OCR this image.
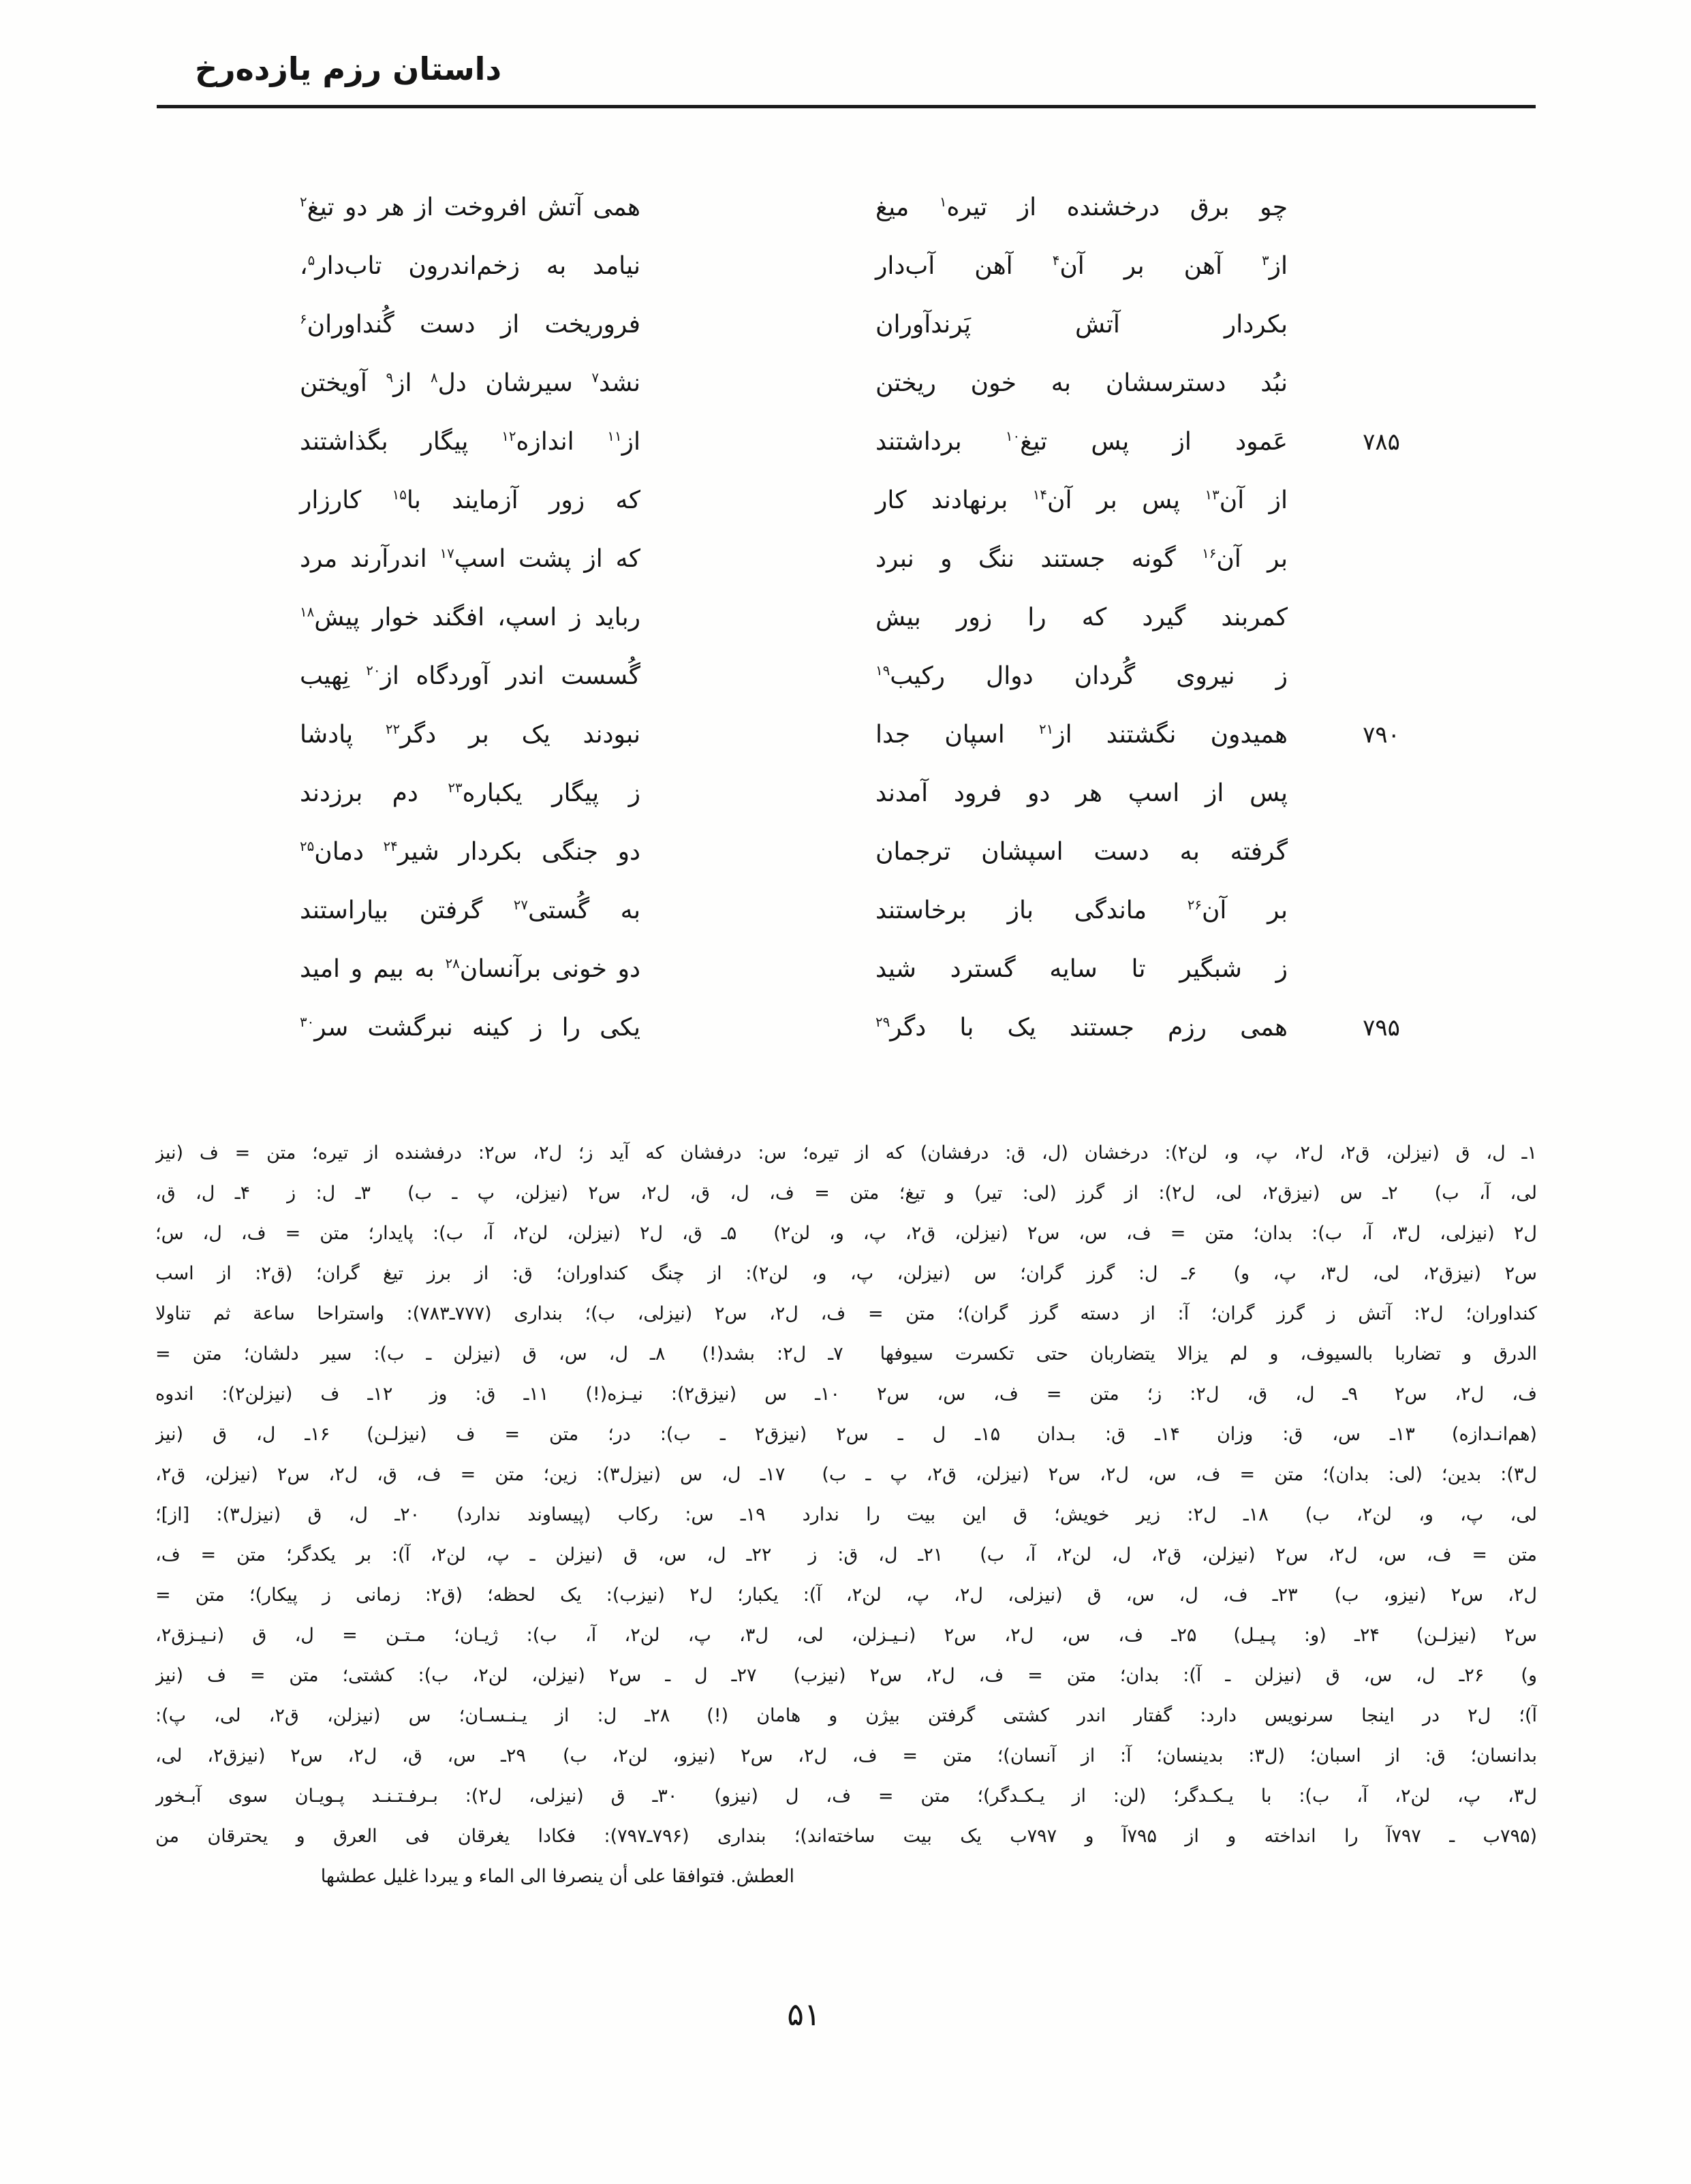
داستان رزم یازده‌رخ
چو برق درخشنده از تیره$^۱$ میغ
از$^۳$ آهن بر آن$^۴$ آهن آب‌دار
بکردار آتش پَرندآوران
نبُد دسترسشان به خون ریختن
عَمود از پس تیغ$^{۱۰}$ برداشتند
از آن$^{۱۳}$ پس بر آن$^{۱۴}$ برنهادند کار
بر آن$^{۱۶}$ گونه جستند ننگ و نبرد
کمربند گیرد که را زور بیش
ز نیروی گُردان دوال رکیب$^{۱۹}$
همیدون نگشتند از$^{۲۱}$ اسپان جدا
پس از اسپ هر دو فرود آمدند
گرفته به دست اسپشان ترجمان
بر آن$^{۲۶}$ ماندگی باز برخاستند
ز شبگیر تا سایه گسترد شید
همی رزم جستند یک با دگر$^{۲۹}$
همی آتش افروخت از هر دو تیغ$^۲$
نیامد به زخم‌اندرون تاب‌دار$^۵$،
فروریخت از دست گُنداوران$^۶$
نشد$^۷$ سیرشان دل$^۸$ از$^۹$ آویختن
از$^{۱۱}$ اندازه$^{۱۲}$ پیگار بگذاشتند
که زور آزمایند با$^{۱۵}$ کارزار
که از پشت اسپ$^{۱۷}$ اندرآرند مرد
رباید ز اسپ، افگند خوار پیش$^{۱۸}$
گُسست اندر آوردگاه از$^{۲۰}$ نِهیب
نبودند یک بر دگر$^{۲۲}$ پادشا
ز پیگار یکباره$^{۲۳}$ دم برزدند
دو جنگی بکردار شیر$^{۲۴}$ دمان$^{۲۵}$
به گُستی$^{۲۷}$ گرفتن بیاراستند
دو خونی برآنسان$^{۲۸}$ به بیم و امید
یکی را ز کینه نبرگشت سر$^{۳۰}$
۷۸۵
۷۹۰
۷۹۵
۱ـ ل، ق (نیزلن، ق۲، ل۲، پ، و، لن۲): درخشان (ل، ق: درفشان) که از تیره؛ س: درفشان که آید ز؛ ل۲، س۲: درفشنده از تیره؛ متن = ف (نیز
لی، آ، ب)  ۲ـ س (نیزق۲، لی، ل۲): از گرز (لی: تیر) و تیغ؛ متن = ف، ل، ق، ل۲، س۲ (نیزلن، پ ـ ب)  ۳ـ ل: ز  ۴ـ ل، ق،
ل۲ (نیزلی، ل۳، آ، ب): بدان؛ متن = ف، س، س۲ (نیزلن، ق۲، پ، و، لن۲)  ۵ـ ق، ل۲ (نیزلن، لن۲، آ، ب): پایدار؛ متن = ف، ل، س؛
س۲ (نیزق۲، لی، ل۳، پ، و)  ۶ـ ل: گرز گران؛ س (نیزلن، پ، و، لن۲): از چنگ کنداوران؛ ق: از برز تیغ گران؛ (ق۲: از اسب
کنداوران؛ ل۲: آتش ز گرز گران؛ آ: از دسته گرز گران)؛ متن = ف، ل۲، س۲ (نیزلی، ب)؛ بنداری (۷۷۷ـ۷۸۳): واستراحا ساعة ثم تناولا
الدرق و تضاربا بالسیوف، و لم یزالا یتضاربان حتی تکسرت سیوفها  ۷ـ ل۲: بشد(!)  ۸ـ ل، س، ق (نیزلن ـ ب): سیر دلشان؛ متن =
ف، ل۲، س۲  ۹ـ ل، ق، ل۲: ز؛ متن = ف، س، س۲  ۱۰ـ س (نیزق۲): نیـزه(!)  ۱۱ـ ق: وز  ۱۲ـ ف (نیزلن۲): اندوه
(هم‌انـدازه)  ۱۳ـ س، ق: وزان  ۱۴ـ ق: بـدان  ۱۵ـ ل ـ س۲ (نیزق۲ ـ ب): در؛ متن = ف (نیزلـن)  ۱۶ـ ل، ق (نیز
ل۳): بدین؛ (لی: بدان)؛ متن = ف، س، ل۲، س۲ (نیزلن، ق۲، پ ـ ب)  ۱۷ـ ل، س (نیزل۳): زین؛ متن = ف، ق، ل۲، س۲ (نیزلن، ق۲،
لی، پ، و، لن۲، ب)  ۱۸ـ ل۲: زیر خویش؛ ق این بیت را ندارد  ۱۹ـ س: رکاب (پیساوند ندارد)  ۲۰ـ ل، ق (نیزل۳): [از]؛
متن = ف، س، ل۲، س۲ (نیزلن، ق۲، ل، لن۲، آ، ب)  ۲۱ـ ل، ق: ز  ۲۲ـ ل، س، ق (نیزلن ـ پ، لن۲، آ): بر یکدگر؛ متن = ف،
ل۲، س۲ (نیزو، ب)  ۲۳ـ ف، ل، س، ق (نیزلی، ل۲، پ، لن۲، آ): یکبار؛ ل۲ (نیزب): یک لحظه؛ (ق۲: زمانی ز پیکار)؛ متن =
س۲ (نیزلـن)  ۲۴ـ (و: پـیـل)  ۲۵ـ ف، س، ل۲، س۲ (نـیـزلن، لی، ل۳، پ، لن۲، آ، ب): ژیـان؛ مـتـن = ل، ق (نـیـزق۲،
و)  ۲۶ـ ل، س، ق (نیزلن ـ آ): بدان؛ متن = ف، ل۲، س۲ (نیزب)  ۲۷ـ ل ـ س۲ (نیزلن، لن۲، ب): کشتی؛ متن = ف (نیز
آ)؛ ل۲ در اینجا سرنویس دارد: گفتار اندر کشتی گرفتن بیژن و هامان (!)  ۲۸ـ ل: از یـنـسـان؛ س (نیزلن، ق۲، لی، پ):
بدانسان؛ ق: از اسبان؛ (ل۳: بدینسان؛ آ: از آنسان)؛ متن = ف، ل۲، س۲ (نیزو، لن۲، ب)  ۲۹ـ س، ق، ل۲، س۲ (نیزق۲، لی،
ل۳، پ، لن۲، آ، ب): با یـکـدگر؛ (لن: از یـکـدگر)؛ متن = ف، ل (نیزو)  ۳۰ـ ق (نیزلی، ل۲): بـرفـتـنـد پـویـان سوی آبـخور
(۷۹۵ب ـ ۷۹۷آ را انداخته و از ۷۹۵آ و ۷۹۷ب یک بیت ساخته‌اند)؛ بنداری (۷۹۶ـ۷۹۷): فکادا یغرقان فی العرق و یحترقان من
العطش. فتوافقا علی أن ینصرفا الی الماء و یبردا غلیل عطشها
۵۱
